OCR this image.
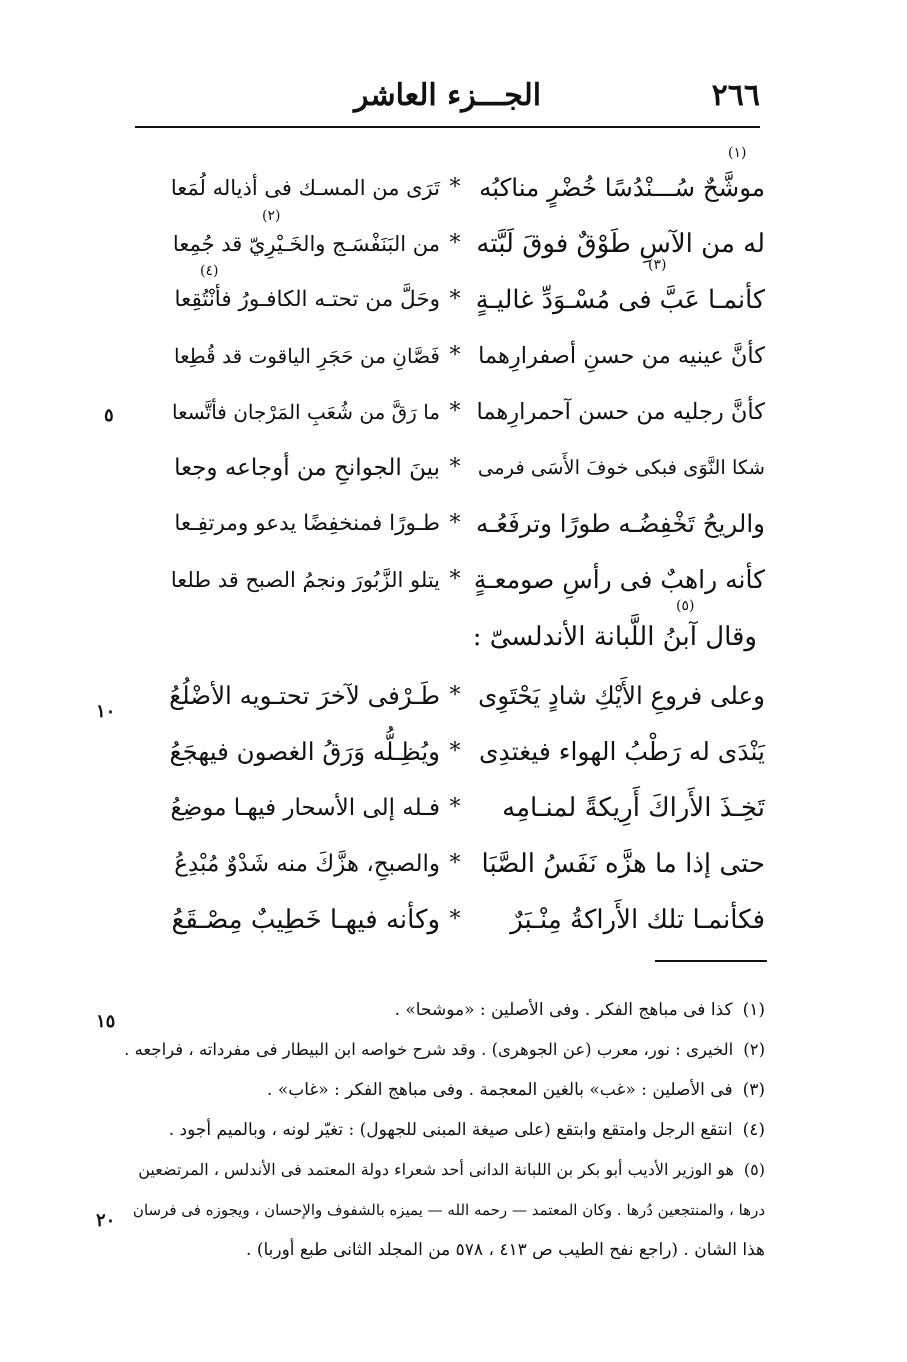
٢٦٦
الجـــزء العاشر
(١)
موشَّحٌ سُـــنْدُسًا خُضْرٍ مناكبُه
*
تَرَى من المسـك فى أذياله لُمَعا
له من الآسِ طَوْقٌ فوقَ لَبَّته
*
من البَنَفْسَـج والخَـيْرِيّ قد جُمِعا
كأنمـا عَبَّ فى مُسْـوَدِّ غاليـةٍ
*
وحَلَّ من تحتـه الكافـورُ فأنْتُقِعا
كأنَّ عينيه من حسنِ أصفرارِهما
*
فَصَّانِ من حَجَرِ الياقوت قد قُطِعا
كأنَّ رجليه من حسن آحمرارِهما
*
ما رَقَّ من شُعَبِ المَرْجان فأتَّسعا
شكا النَّوَى فبكى خوفَ الأَسَى فرمى
*
بينَ الجوانحِ من أوجاعه وجعا
والريحُ تَخْفِضُـه طورًا وترفَعُـه
*
طـورًا فمنخفِضًا يدعو ومرتفِـعا
كأنه راهبٌ فى رأسِ صومعـةٍ
*
يتلو الزَّبُورَ ونجمُ الصبح قد طلعا
(٢)
(٣)
(٤)
(٥)
وقال آبنُ اللَّبانة الأندلسىّ :
وعلى فروعِ الأَيْكِ شادٍ يَحْتَوِى
*
طَـرْفى لآخرَ تحتـويه الأضْلُعُ
يَنْدَى له رَطْبُ الهواء فيغتدِى
*
ويُظِـلُّه وَرَقُ الغصون فيهجَعُ
تَخِـذَ الأَراكَ أَرِيكةً لمنـامِه
*
فـله إلى الأسحار فيهـا موضِعُ
حتى إذا ما هزَّه نَفَسُ الصَّبَا
*
والصبحِ، هزَّكَ منه شَدْوٌ مُبْدِعُ
فكأنمـا تلك الأَراكةُ مِنْـبَرٌ
*
وكأنه فيهـا خَطِيبٌ مِصْـقَعُ
٥
١٠
١٥
٢٠
(١)كذا فى مباهج الفكر . وفى الأصلين : «موشحا» .
(٢)الخيرى : نور، معرب (عن الجوهرى) . وقد شرح خواصه ابن البيطار فى مفرداته ، فراجعه .
(٣)فى الأصلين : «غب» بالغين المعجمة . وفى مباهج الفكر : «غاب» .
(٤)انتقع الرجل وامتقع وابتقع (على صيغة المبنى للجهول) : تغيّر لونه ، وبالميم أجود .
(٥)هو الوزير الأديب أبو بكر بن اللبانة الدانى أحد شعراء دولة المعتمد فى الأندلس ، المرتضعين
درها ، والمنتجعين دُرها . وكان المعتمد — رحمه الله — يميزه بالشفوف والإحسان ، ويجوزه فى فرسان
هذا الشان . (راجع نفح الطيب ص ٤١٣ ، ٥٧٨ من المجلد الثانى طبع أوربا) .
